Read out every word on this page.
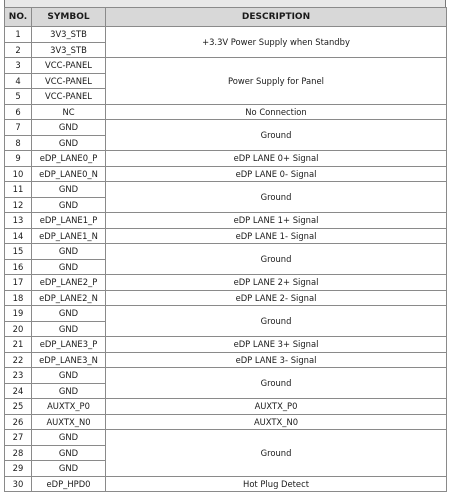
NO.	SYMBOL	DESCRIPTION
1	3V3_STB	+3.3V Power Supply when Standby
2	3V3_STB	
3	VCC-PANEL	Power Supply for Panel
4	VCC-PANEL	
5	VCC-PANEL	
6	NC	No Connection
7	GND	Ground
8	GND	
9	eDP_LANE0_P	eDP LANE 0+ Signal
10	eDP_LANE0_N	eDP LANE 0- Signal
11	GND	Ground
12	GND	
13	eDP_LANE1_P	eDP LANE 1+ Signal
14	eDP_LANE1_N	eDP LANE 1- Signal
15	GND	Ground
16	GND	
17	eDP_LANE2_P	eDP LANE 2+ Signal
18	eDP_LANE2_N	eDP LANE 2- Signal
19	GND	Ground
20	GND	
21	eDP_LANE3_P	eDP LANE 3+ Signal
22	eDP_LANE3_N	eDP LANE 3- Signal
23	GND	Ground
24	GND	
25	AUXTX_P0	AUXTX_P0
26	AUXTX_N0	AUXTX_N0
27	GND	Ground
28	GND	
29	GND	
30	eDP_HPD0	Hot Plug Detect
